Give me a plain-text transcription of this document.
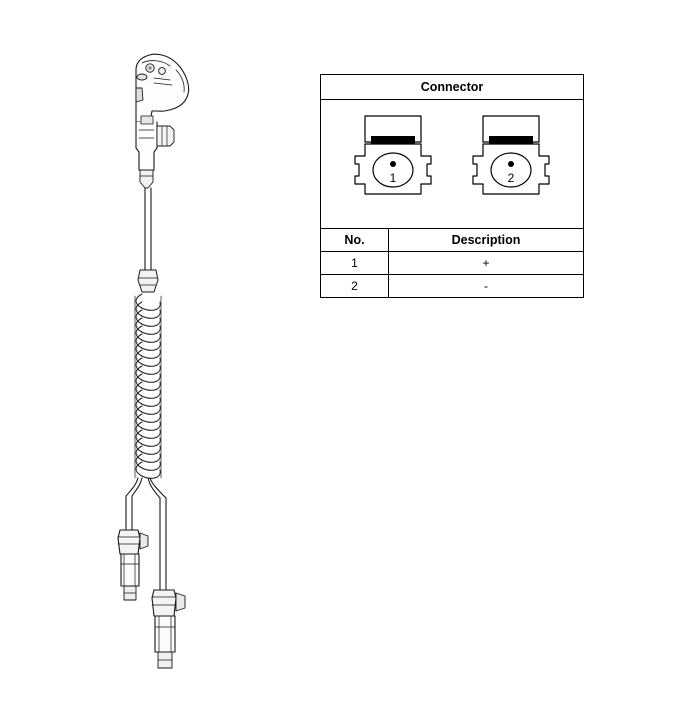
Connector
1	2
No.	Description
1	+
2	-
